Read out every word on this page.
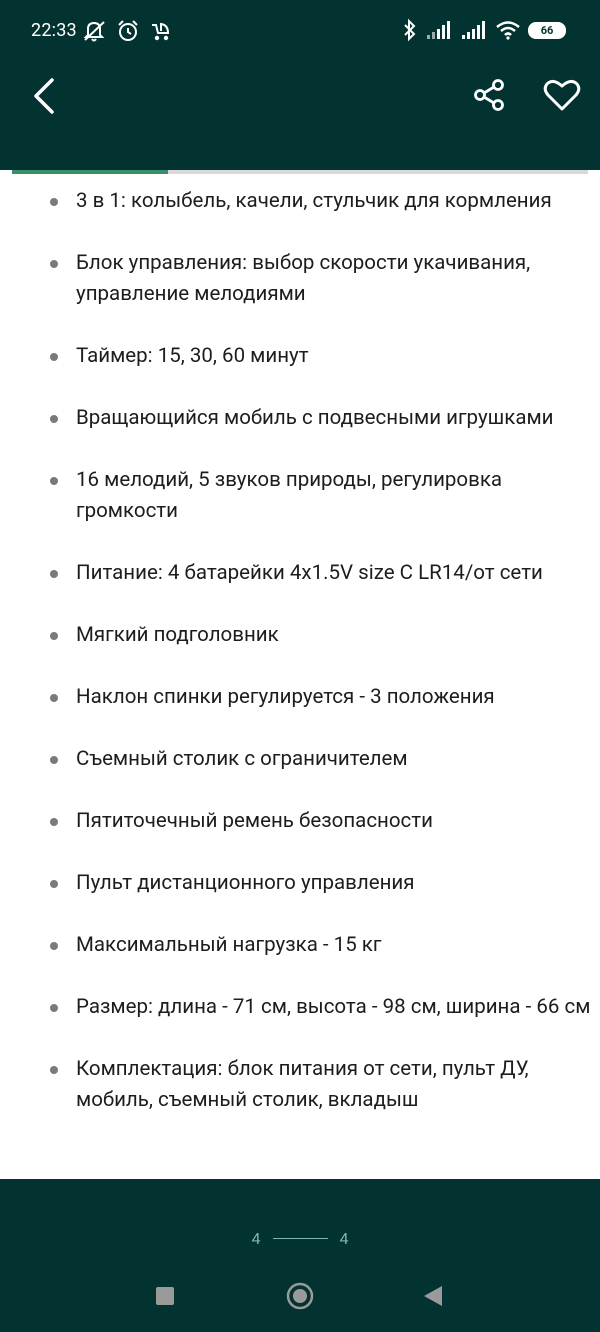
22:33	66
3 в 1: колыбель, качели, стульчик для кормления
Блок управления: выбор скорости укачивания, управление мелодиями
Таймер: 15, 30, 60 минут
Вращающийся мобиль с подвесными игрушками
16 мелодий, 5 звуков природы, регулировка громкости
Питание: 4 батарейки 4x1.5V size C LR14/от сети
Мягкий подголовник
Наклон спинки регулируется - 3 положения
Съемный столик с ограничителем
Пятиточечный ремень безопасности
Пульт дистанционного управления
Максимальный нагрузка - 15 кг
Размер: длина - 71 см, высота - 98 см, ширина - 66 см
Комплектация: блок питания от сети, пульт ДУ, мобиль, съемный столик, вкладыш
4	4
